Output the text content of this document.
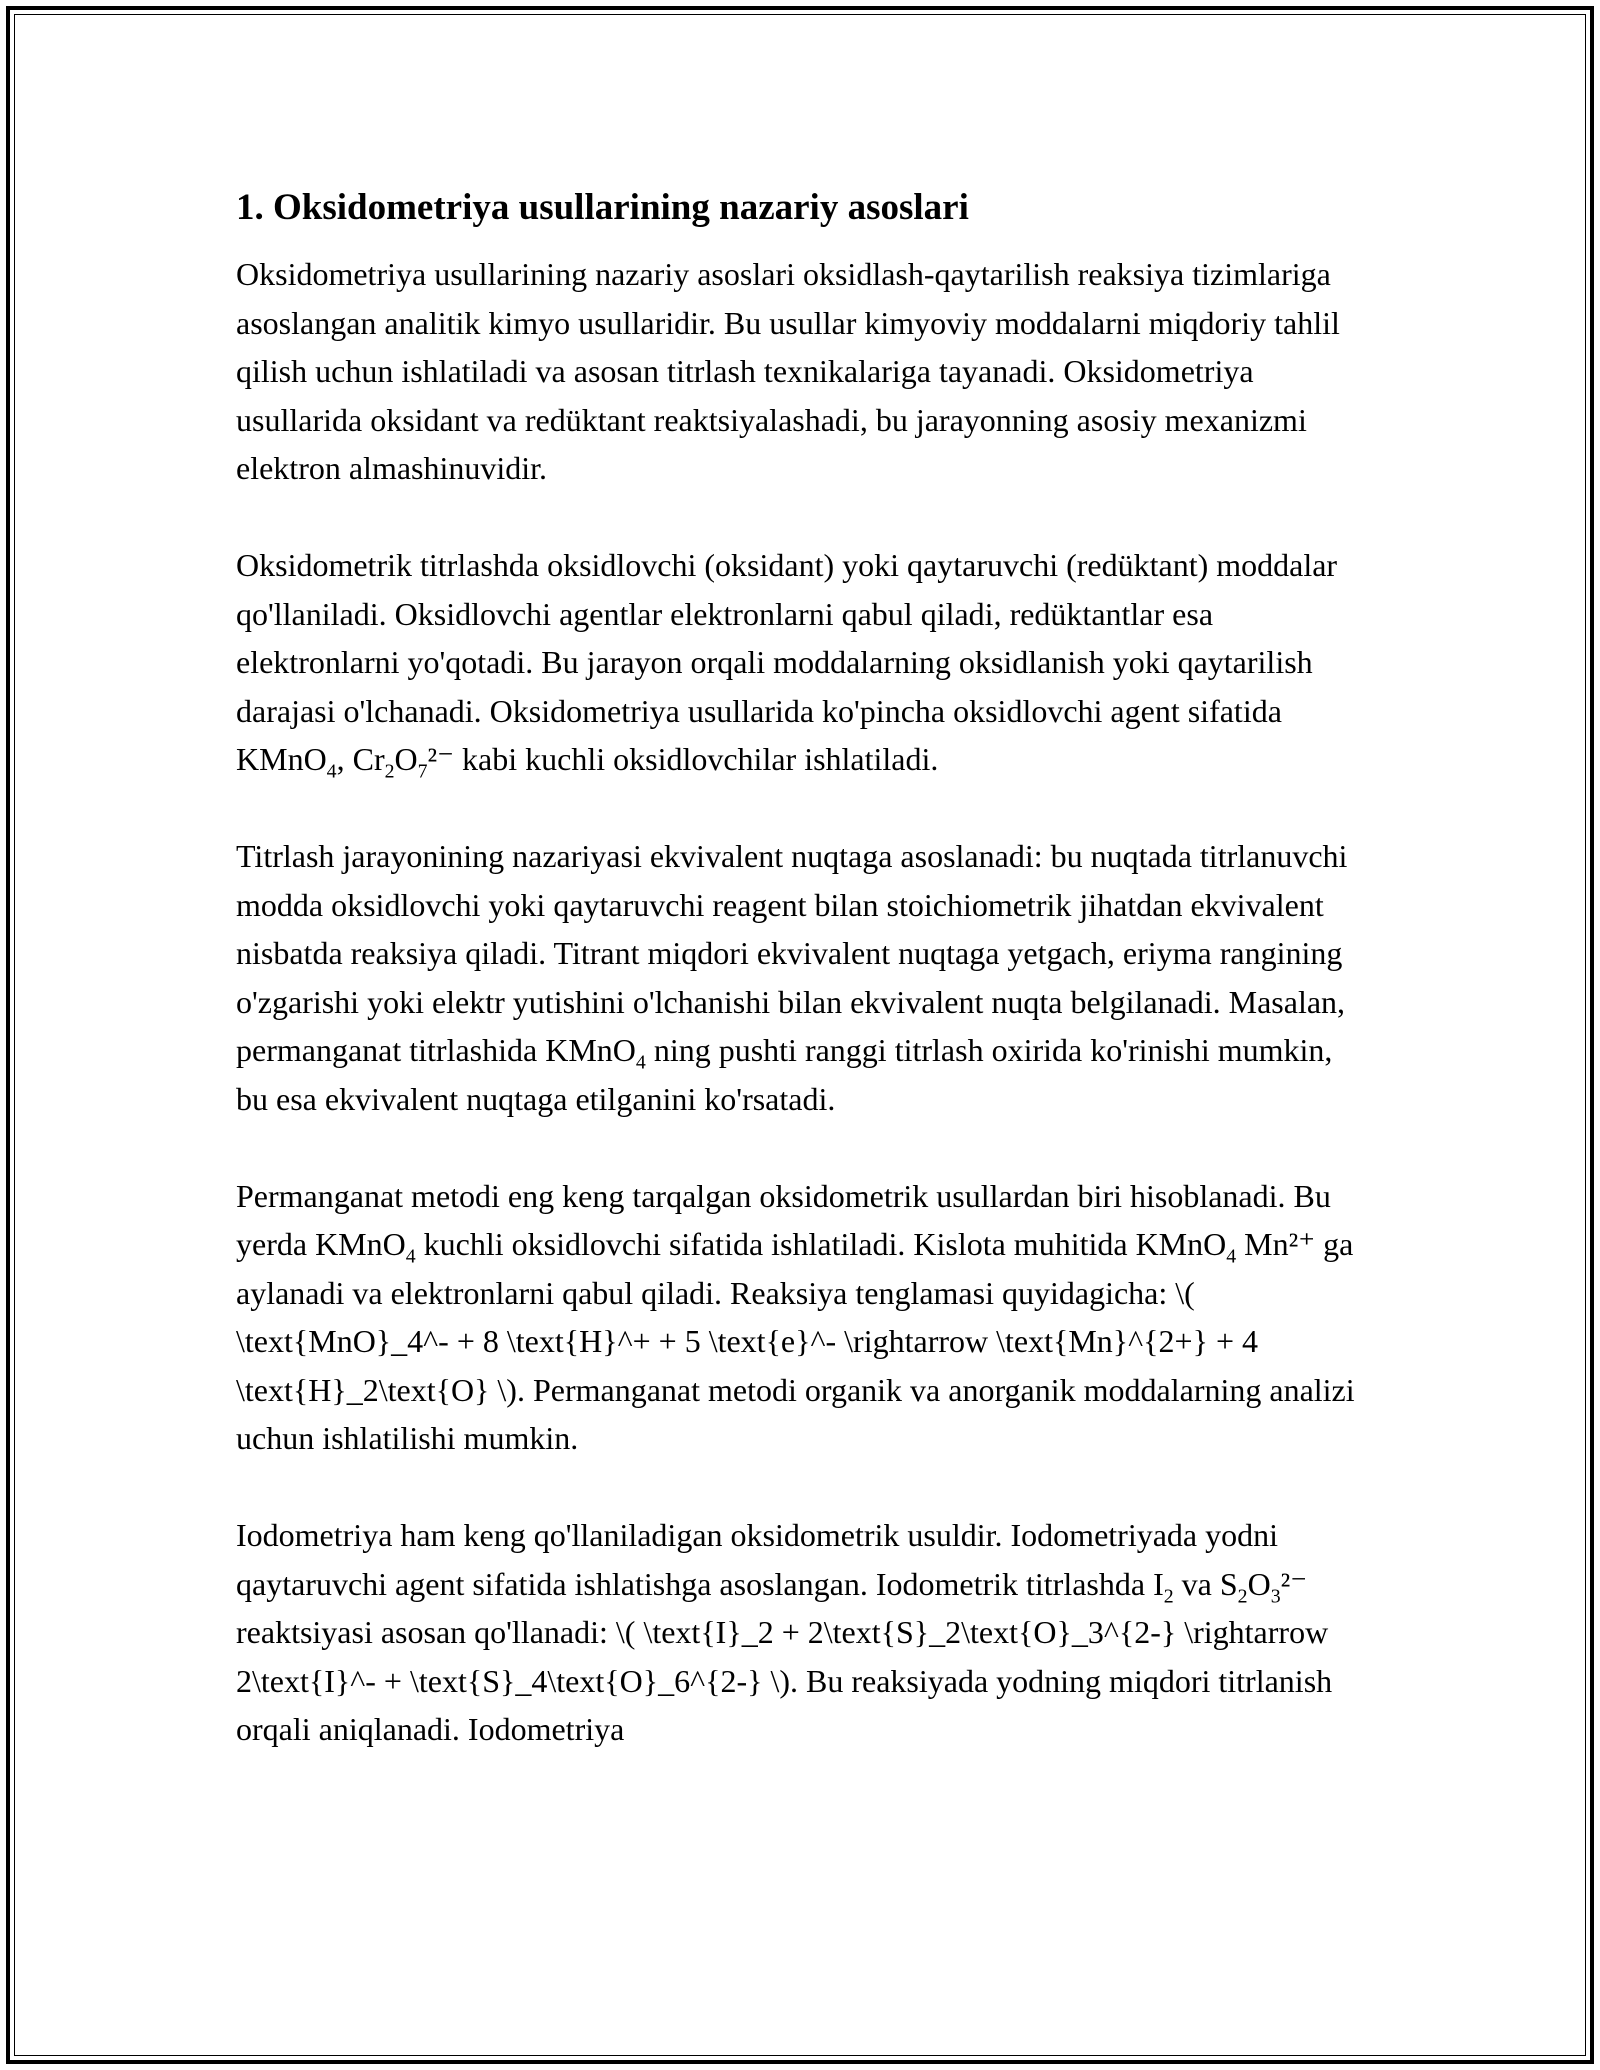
1. Oksidometriya usullarining nazariy asoslari

Oksidometriya usullarining nazariy asoslari oksidlash-qaytarilish reaksiya tizimlariga asoslangan analitik kimyo usullaridir. Bu usullar kimyoviy moddalarni miqdoriy tahlil qilish uchun ishlatiladi va asosan titrlash texnikalariga tayanadi. Oksidometriya usullarida oksidant va redüktant reaktsiyalashadi, bu jarayonning asosiy mexanizmi elektron almashinuvidir.

Oksidometrik titrlashda oksidlovchi (oksidant) yoki qaytaruvchi (redüktant) moddalar qo'llaniladi. Oksidlovchi agentlar elektronlarni qabul qiladi, redüktantlar esa elektronlarni yo'qotadi. Bu jarayon orqali moddalarning oksidlanish yoki qaytarilish darajasi o'lchanadi. Oksidometriya usullarida ko'pincha oksidlovchi agent sifatida KMnO$_4$, $Cr_2O_7^{2-}$ kabi kuchli oksidlovchilar ishlatiladi.

Titrlash jarayonining nazariyasi ekvivalent nuqtaga asoslanadi: bu nuqtada titrlanuvchi modda oksidlovchi yoki qaytaruvchi reagent bilan stoichiometrik jihatdan ekvivalent nisbatda reaksiya qiladi. Titrant miqdori ekvivalent nuqtaga yetgach, eriyma rangining o'zgarishi yoki elektr yutishini o'lchanishi bilan ekvivalent nuqta belgilanadi. Masalan, permanganat titrlashida KMnO$_4$ ning pushti ranggi titrlash oxirida ko'rinishi mumkin, bu esa ekvivalent nuqtaga etilganini ko'rsatadi.

Permanganat metodi eng keng tarqalgan oksidometrik usullardan biri hisoblanadi. Bu yerda KMnO$_4$ kuchli oksidlovchi sifatida ishlatiladi. Kislota muhitida KMnO$_4$ Mn²⁺ ga aylanadi va elektronlarni qabul qiladi. Reaksiya tenglamasi quyidagicha: \( \text{MnO}_4^- + 8 \text{H}^+ + 5 \text{e}^- \rightarrow \text{Mn}^{2+} + 4 \text{H}_2\text{O} \). Permanganat metodi organik va anorganik moddalarning analizi uchun ishlatilishi mumkin.

Iodometriya ham keng qo'llaniladigan oksidometrik usuldir. Iodometriyada yodni qaytaruvchi agent sifatida ishlatishga asoslangan. Iodometrik titrlashda $I_2$ va $S_2O_3^{2-}$ reaktsiyasi asosan qo'llanadi: \( \text{I}_2 + 2\text{S}_2\text{O}_3^{2-} \rightarrow 2\text{I}^- + \text{S}_4\text{O}_6^{2-} \). Bu reaksiyada yodning miqdori titrlanish orqali aniqlanadi. Iodometriya
